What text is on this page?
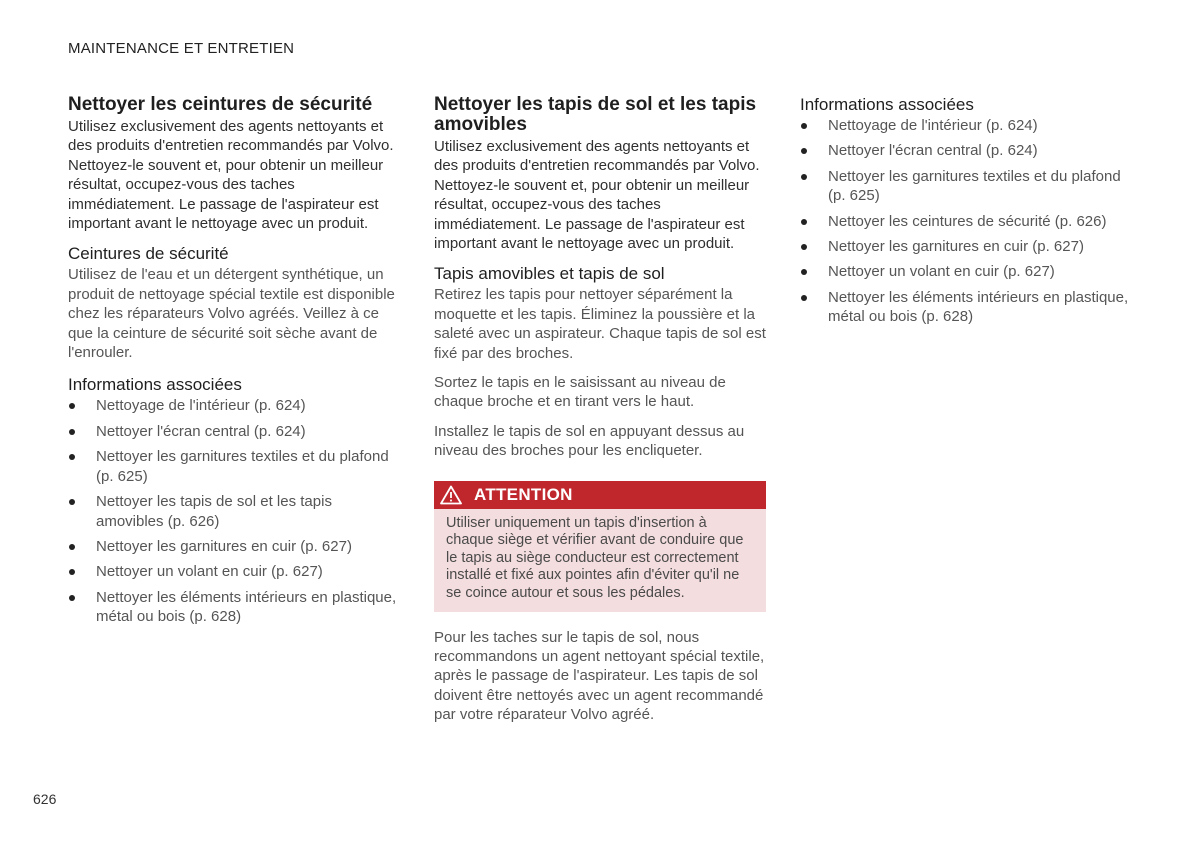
MAINTENANCE ET ENTRETIEN
Nettoyer les ceintures de sécurité

Utilisez exclusivement des agents nettoyants et des produits d'entretien recommandés par Volvo. Nettoyez-le souvent et, pour obtenir un meilleur résultat, occupez-vous des taches immédiatement. Le passage de l'aspirateur est important avant le nettoyage avec un produit.

Ceintures de sécurité

Utilisez de l'eau et un détergent synthétique, un produit de nettoyage spécial textile est disponible chez les réparateurs Volvo agréés. Veillez à ce que la ceinture de sécurité soit sèche avant de l'enrouler.

Informations associées
Nettoyage de l'intérieur (p. 624)
Nettoyer l'écran central (p. 624)
Nettoyer les garnitures textiles et du plafond (p. 625)
Nettoyer les tapis de sol et les tapis amovibles (p. 626)
Nettoyer les garnitures en cuir (p. 627)
Nettoyer un volant en cuir (p. 627)
Nettoyer les éléments intérieurs en plastique, métal ou bois (p. 628)
Nettoyer les tapis de sol et les tapis amovibles

Utilisez exclusivement des agents nettoyants et des produits d'entretien recommandés par Volvo. Nettoyez-le souvent et, pour obtenir un meilleur résultat, occupez-vous des taches immédiatement. Le passage de l'aspirateur est important avant le nettoyage avec un produit.

Tapis amovibles et tapis de sol

Retirez les tapis pour nettoyer séparément la moquette et les tapis. Éliminez la poussière et la saleté avec un aspirateur. Chaque tapis de sol est fixé par des broches.

Sortez le tapis en le saisissant au niveau de chaque broche et en tirant vers le haut.

Installez le tapis de sol en appuyant dessus au niveau des broches pour les encliqueter.

ATTENTION
Utiliser uniquement un tapis d'insertion à chaque siège et vérifier avant de conduire que le tapis au siège conducteur est correctement installé et fixé aux pointes afin d'éviter qu'il ne se coince autour et sous les pédales.

Pour les taches sur le tapis de sol, nous recommandons un agent nettoyant spécial textile, après le passage de l'aspirateur. Les tapis de sol doivent être nettoyés avec un agent recommandé par votre réparateur Volvo agréé.

Informations associées
Nettoyage de l'intérieur (p. 624)
Nettoyer l'écran central (p. 624)
Nettoyer les garnitures textiles et du plafond (p. 625)
Nettoyer les ceintures de sécurité (p. 626)
Nettoyer les garnitures en cuir (p. 627)
Nettoyer un volant en cuir (p. 627)
Nettoyer les éléments intérieurs en plastique, métal ou bois (p. 628)
626
